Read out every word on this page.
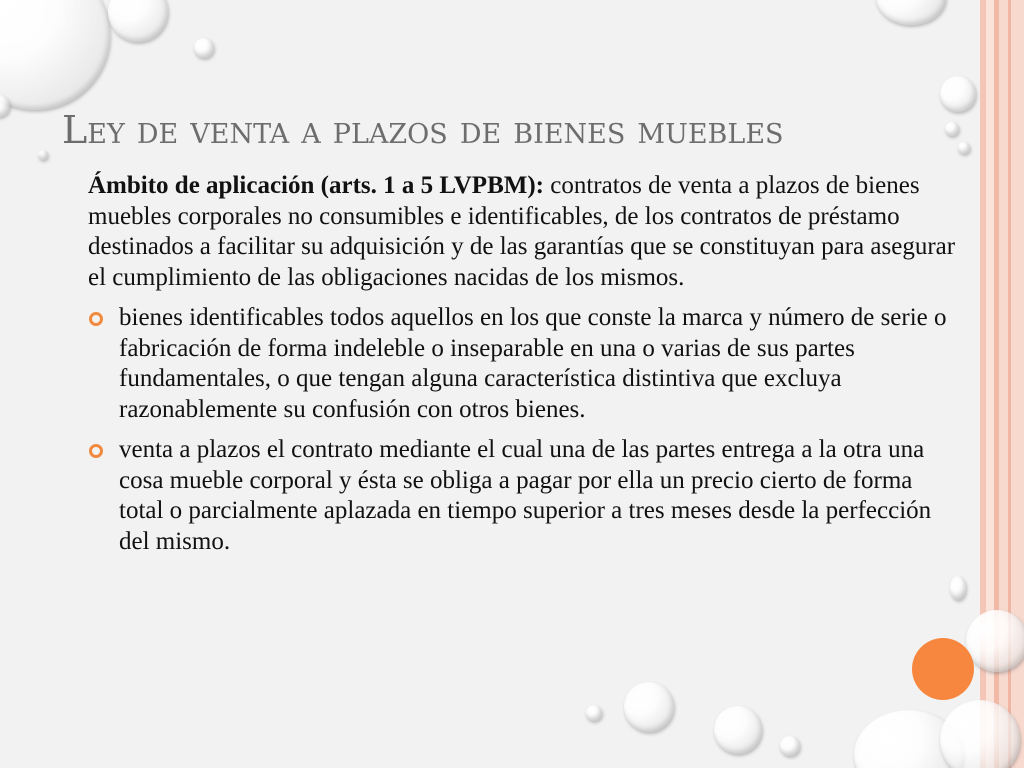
Ley de venta a plazos de bienes muebles

Ámbito de aplicación (arts. 1 a 5 LVPBM): contratos de venta a plazos de bienes muebles corporales no consumibles e identificables, de los contratos de préstamo destinados a facilitar su adquisición y de las garantías que se constituyan para asegurar el cumplimiento de las obligaciones nacidas de los mismos.

bienes identificables todos aquellos en los que conste la marca y número de serie o fabricación de forma indeleble o inseparable en una o varias de sus partes fundamentales, o que tengan alguna característica distintiva que excluya razonablemente su confusión con otros bienes.
venta a plazos el contrato mediante el cual una de las partes entrega a la otra una cosa mueble corporal y ésta se obliga a pagar por ella un precio cierto de forma total o parcialmente aplazada en tiempo superior a tres meses desde la perfección del mismo.
